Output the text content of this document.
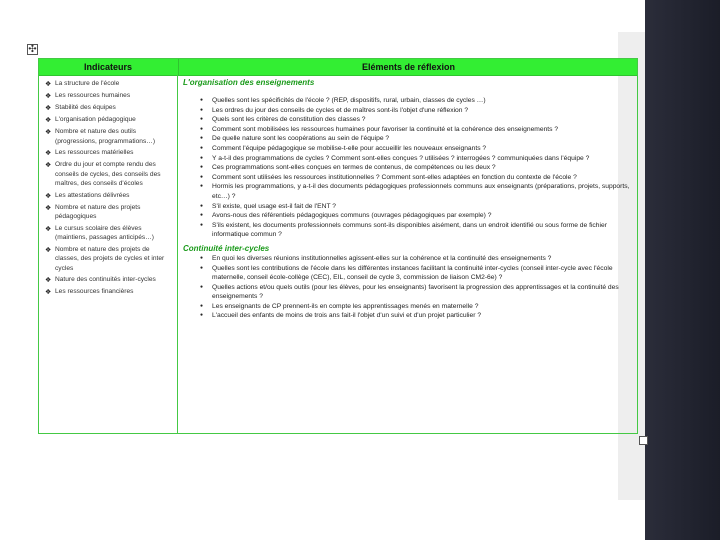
✣
Indicateurs	Eléments de réflexion
❖ La structure de l'école
❖ Les ressources humaines
❖ Stabilité des équipes
❖ L'organisation pédagogique
❖ Nombre et nature des outils (progressions, programmations…)
❖ Les ressources matérielles
❖ Ordre du jour et compte rendu des conseils de cycles, des conseils des maîtres, des conseils d'écoles
❖ Les attestations délivrées
❖ Nombre et nature des projets pédagogiques
❖ Le cursus scolaire des élèves (maintiens, passages anticipés…)
❖ Nombre et nature des projets de classes, des projets de cycles et inter cycles
❖ Nature des continuités inter-cycles
❖ Les ressources financières
L'organisation des enseignements
● Quelles sont les spécificités de l'école ? (REP, dispositifs, rural, urbain, classes de cycles …)
● Les ordres du jour des conseils de cycles et de maîtres sont-ils l'objet d'une réflexion ?
● Quels sont les critères de constitution des classes ?
● Comment sont mobilisées les ressources humaines pour favoriser la continuité et la cohérence des enseignements ?
● De quelle nature sont les coopérations au sein de l'équipe ?
● Comment l'équipe pédagogique se mobilise-t-elle pour accueillir les nouveaux enseignants ?
● Y a-t-il des programmations de cycles ? Comment sont-elles conçues ? utilisées ? interrogées ? communiquées dans l'équipe ?
● Ces programmations sont-elles conçues en termes de contenus, de compétences ou les deux ?
● Comment sont utilisées les ressources institutionnelles ? Comment sont-elles adaptées en fonction du contexte de l'école ?
● Hormis les programmations, y a-t-il des documents pédagogiques professionnels communs aux enseignants (préparations, projets, supports, etc…) ?
● S'il existe, quel usage est-il fait de l'ENT ?
● Avons-nous des référentiels pédagogiques communs (ouvrages pédagogiques par exemple) ?
● S'ils existent, les documents professionnels communs sont-ils disponibles aisément, dans un endroit identifié ou sous forme de fichier informatique commun ?
Continuité inter-cycles
● En quoi les diverses réunions institutionnelles agissent-elles sur la cohérence et la continuité des enseignements ?
● Quelles sont les contributions de l'école dans les différentes instances facilitant la continuité inter-cycles (conseil inter-cycle avec l'école maternelle, conseil école-collège (CEC), EIL, conseil de cycle 3, commission de liaison CM2-6e) ?
● Quelles actions et/ou quels outils (pour les élèves, pour les enseignants) favorisent la progression des apprentissages et la continuité des enseignements ?
● Les enseignants de CP prennent-ils en compte les apprentissages menés en maternelle ?
● L'accueil des enfants de moins de trois ans fait-il l'objet d'un suivi et d'un projet particulier ?
